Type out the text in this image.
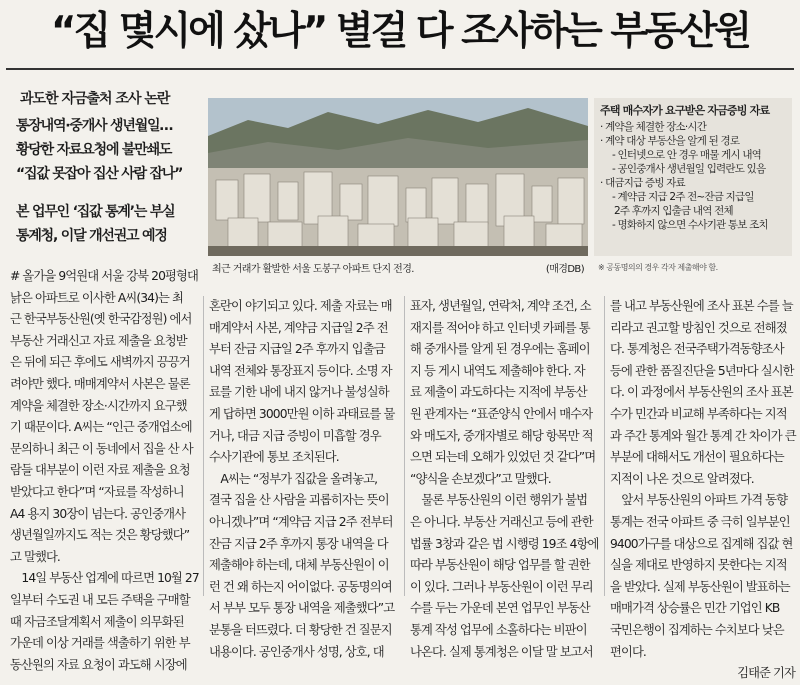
“집 몇시에 샀나” 별걸 다 조사하는 부동산원
과도한 자금출처 조사 논란
통장내역·중개사 생년월일…
황당한 자료요청에 불만쇄도
“집값 못잡아 집산 사람 잡나”
본 업무인 ‘집값 통계’는 부실
통계청, 이달 개선권고 예정
최근 거래가 활발한 서울 도봉구 아파트 단지 전경.	(매경DB)
주택 매수자가 요구받은 자금증빙 자료
· 계약을 체결한 장소·시간
· 계약 대상 부동산을 알게 된 경로
- 인터넷으로 안 경우 매물 게시 내역
- 공인중개사 생년월일 입력란도 있음
· 대금지급 증빙 자료
- 계약금 지급 2주 전~잔금 지급일
2주 후까지 입출금 내역 전체
- 명화하지 않으면 수사기관 통보 조치
※ 공동명의의 경우 각자 제출해야 함.
# 올가을 9억원대 서울 강북 20평형대
낡은 아파트로 이사한 A씨(34)는 최
근 한국부동산원(옛 한국감정원) 에서
부동산 거래신고 자료 제출을 요청받
은 뒤에 되근 후에도 새벽까지 끙끙거
려야만 했다. 매매계약서 사본은 물론
계약을 체결한 장소·시간까지 요구했
기 때문이다. A씨는 “인근 중개업소에
문의하니 최근 이 동네에서 집을 산 사
람들 대부분이 이런 자료 제출을 요청
받았다고 한다”며 “자료를 작성하니
A4 용지 30장이 넘는다. 공인중개사
생년월일까지도 적는 것은 황당했다”
고 말했다.
　14일 부동산 업계에 따르면 10월 27
일부터 수도권 내 모든 주택을 구매할
때 자금조달계획서 제출이 의무화된
가운데 이상 거래를 색출하기 위한 부
동산원의 자료 요청이 과도해 시장에
혼란이 야기되고 있다. 제출 자료는 매
매계약서 사본, 계약금 지급일 2주 전
부터 잔금 지급일 2주 후까지 입출금
내역 전체와 통장표지 등이다. 소명 자
료를 기한 내에 내지 않거나 불성실하
게 답하면 3000만원 이하 과태료를 물
거나, 대금 지급 증빙이 미흡할 경우
수사기관에 통보 조치된다.
　A씨는 “정부가 집값을 올려놓고,
결국 집을 산 사람을 괴롭히자는 뜻이
아니겠나”며 “계약금 지급 2주 전부터
잔금 지급 2주 후까지 통장 내역을 다
제출해야 하는데, 대체 부동산원이 이
런 건 왜 하는지 어이없다. 공동명의여
서 부부 모두 통장 내역을 제출했다”고
분통을 터뜨렸다. 더 황당한 건 질문지
내용이다. 공인중개사 성명, 상호, 대
표자, 생년월일, 연락처, 계약 조건, 소
재지를 적어야 하고 인터넷 카페를 통
해 중개사를 알게 된 경우에는 홈페이
지 등 게시 내역도 제출해야 한다. 자
료 제출이 과도하다는 지적에 부동산
원 관계자는 “표준양식 안에서 매수자
와 매도자, 중개자별로 해당 항목만 적
으면 되는데 오해가 있었던 것 같다”며
“양식을 손보겠다”고 말했다.
　물론 부동산원의 이런 행위가 불법
은 아니다. 부동산 거래신고 등에 관한
법률 3창과 같은 법 시행령 19조 4항에
따라 부동산원이 해당 업무를 할 권한
이 있다. 그러나 부동산원이 이런 무리
수를 두는 가운데 본연 업무인 부동산
통계 작성 업무에 소홀하다는 비판이
나온다. 실제 통계청은 이달 말 보고서
를 내고 부동산원에 조사 표본 수를 늘
리라고 권고할 방침인 것으로 전해졌
다. 통계청은 전국주택가격동향조사
등에 관한 품질진단을 5년마다 실시한
다. 이 과정에서 부동산원의 조사 표본
수가 민간과 비교해 부족하다는 지적
과 주간 통계와 월간 통계 간 차이가 큰
부분에 대해서도 개선이 필요하다는
지적이 나온 것으로 알려졌다.
　앞서 부동산원의 아파트 가격 동향
통계는 전국 아파트 중 극히 일부분인
9400가구를 대상으로 집계해 집값 현
실을 제대로 반영하지 못한다는 지적
을 받았다. 실제 부동산원이 발표하는
매매가격 상승률은 민간 기업인 KB
국민은행이 집계하는 수치보다 낮은
편이다.
김태준 기자
